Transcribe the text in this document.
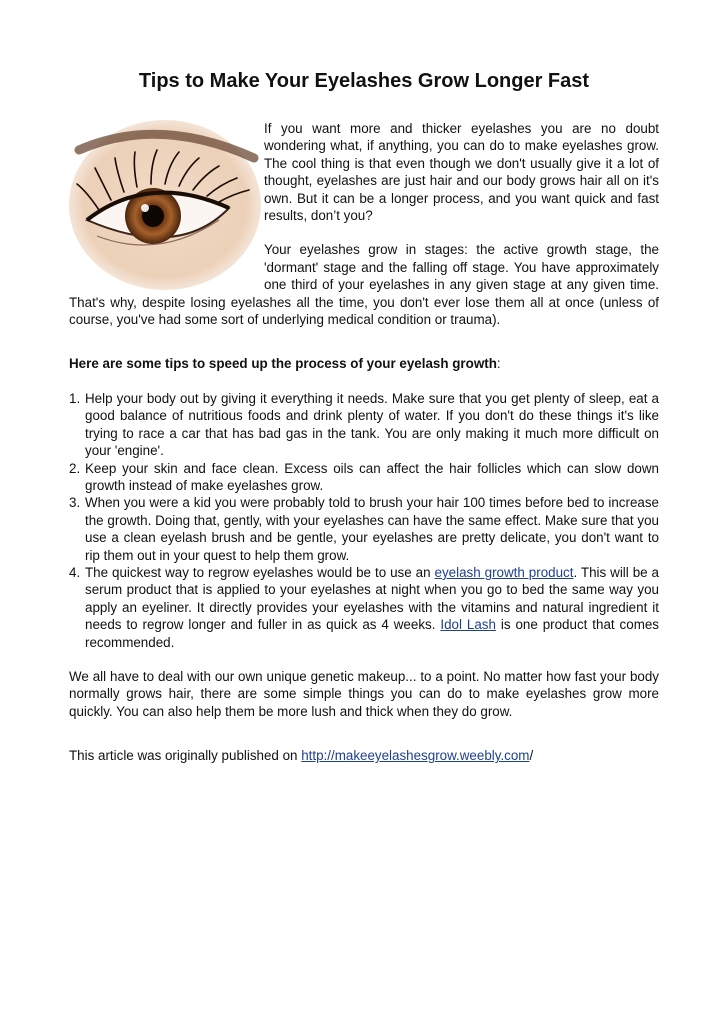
Tips to Make Your Eyelashes Grow Longer Fast

If you want more and thicker eyelashes you are no doubt wondering what, if anything, you can do to make eyelashes grow. The cool thing is that even though we don't usually give it a lot of thought, eyelashes are just hair and our body grows hair all on it's own. But it can be a longer process, and you want quick and fast results, don’t you?

Your eyelashes grow in stages: the active growth stage, the 'dormant' stage and the falling off stage. You have approximately one third of your eyelashes in any given stage at any given time. That's why, despite losing eyelashes all the time, you don't ever lose them all at once (unless of course, you've had some sort of underlying medical condition or trauma).

Here are some tips to speed up the process of your eyelash growth:

1. Help your body out by giving it everything it needs. Make sure that you get plenty of sleep, eat a good balance of nutritious foods and drink plenty of water. If you don't do these things it's like trying to race a car that has bad gas in the tank. You are only making it much more difficult on your 'engine'.
2. Keep your skin and face clean. Excess oils can affect the hair follicles which can slow down growth instead of make eyelashes grow.
3. When you were a kid you were probably told to brush your hair 100 times before bed to increase the growth. Doing that, gently, with your eyelashes can have the same effect. Make sure that you use a clean eyelash brush and be gentle, your eyelashes are pretty delicate, you don't want to rip them out in your quest to help them grow.
4. The quickest way to regrow eyelashes would be to use an eyelash growth product. This will be a serum product that is applied to your eyelashes at night when you go to bed the same way you apply an eyeliner. It directly provides your eyelashes with the vitamins and natural ingredient it needs to regrow longer and fuller in as quick as 4 weeks. Idol Lash is one product that comes recommended.

We all have to deal with our own unique genetic makeup... to a point. No matter how fast your body normally grows hair, there are some simple things you can do to make eyelashes grow more quickly. You can also help them be more lush and thick when they do grow.

This article was originally published on http://makeeyelashesgrow.weebly.com/
